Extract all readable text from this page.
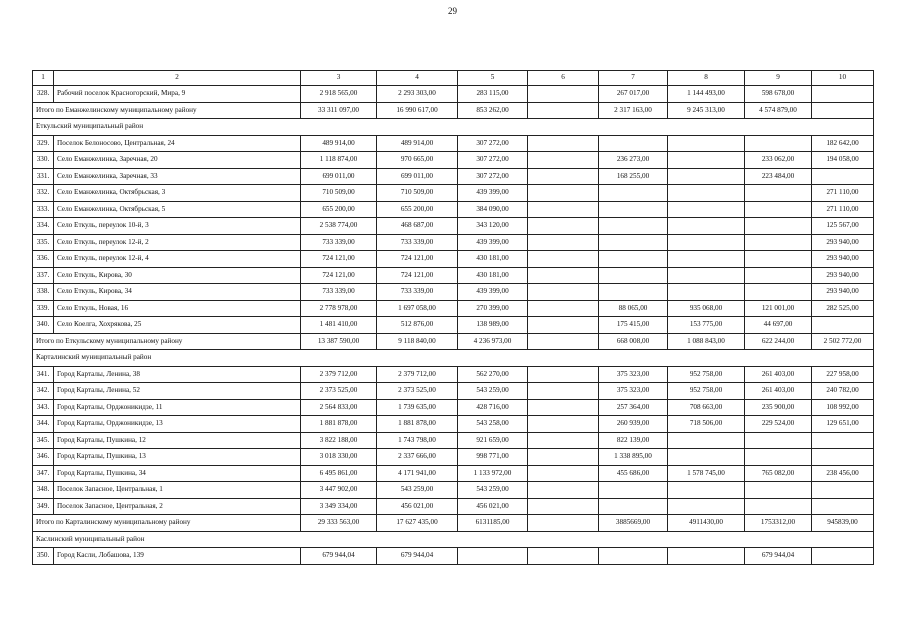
29
1	2	3	4	5	6	7	8	9	10
328.	Рабочий поселок Красногорский, Мира, 9	2 918 565,00	2 293 303,00	283 115,00		267 017,00	1 144 493,00	598 678,00	
Итого по Еманжелинскому муниципальному району		33 311 097,00	16 990 617,00	853 262,00		2 317 163,00	9 245 313,00	4 574 879,00	
Еткульский муниципальный район									
329.	Поселок Белоносово, Центральная, 24	489 914,00	489 914,00	307 272,00					182 642,00
330.	Село Еманжелинка, Заречная, 20	1 118 874,00	970 665,00	307 272,00		236 273,00		233 062,00	194 058,00
331.	Село Еманжелинка, Заречная, 33	699 011,00	699 011,00	307 272,00		168 255,00		223 484,00	
332.	Село Еманжелинка, Октябрьская, 3	710 509,00	710 509,00	439 399,00					271 110,00
333.	Село Еманжелинка, Октябрьская, 5	655 200,00	655 200,00	384 090,00					271 110,00
334.	Село Еткуль, переулок 10-й, 3	2 538 774,00	468 687,00	343 120,00					125 567,00
335.	Село Еткуль, переулок 12-й, 2	733 339,00	733 339,00	439 399,00					293 940,00
336.	Село Еткуль, переулок 12-й, 4	724 121,00	724 121,00	430 181,00					293 940,00
337.	Село Еткуль, Кирова, 30	724 121,00	724 121,00	430 181,00					293 940,00
338.	Село Еткуль, Кирова, 34	733 339,00	733 339,00	439 399,00					293 940,00
339.	Село Еткуль, Новая, 16	2 778 978,00	1 697 058,00	270 399,00		88 065,00	935 068,00	121 001,00	282 525,00
340.	Село Коелга, Хохрякова, 25	1 481 410,00	512 876,00	138 989,00		175 415,00	153 775,00	44 697,00	
Итого по Еткульскому муниципальному району		13 387 590,00	9 118 840,00	4 236 973,00		668 008,00	1 088 843,00	622 244,00	2 502 772,00
Карталинский муниципальный район									
341.	Город Карталы, Ленина, 38	2 379 712,00	2 379 712,00	562 270,00		375 323,00	952 758,00	261 403,00	227 958,00
342.	Город Карталы, Ленина, 52	2 373 525,00	2 373 525,00	543 259,00		375 323,00	952 758,00	261 403,00	240 782,00
343.	Город Карталы, Орджоникидзе, 11	2 564 833,00	1 739 635,00	428 716,00		257 364,00	708 663,00	235 900,00	108 992,00
344.	Город Карталы, Орджоникидзе, 13	1 881 878,00	1 881 878,00	543 258,00		260 939,00	718 506,00	229 524,00	129 651,00
345.	Город Карталы, Пушкина, 12	3 822 188,00	1 743 798,00	921 659,00		822 139,00			
346.	Город Карталы, Пушкина, 13	3 018 330,00	2 337 666,00	998 771,00		1 338 895,00			
347.	Город Карталы, Пушкина, 34	6 495 861,00	4 171 941,00	1 133 972,00		455 686,00	1 578 745,00	765 082,00	238 456,00
348.	Поселок Запасное, Центральная, 1	3 447 902,00	543 259,00	543 259,00					
349.	Поселок Запасное, Центральная, 2	3 349 334,00	456 021,00	456 021,00					
Итого по Карталинскому муниципальному району		29 333 563,00	17 627 435,00	6131185,00		3885669,00	4911430,00	1753312,00	945839,00
Каслинский муниципальный район									
350.	Город Касли, Лобашова, 139	679 944,04	679 944,04					679 944,04	
